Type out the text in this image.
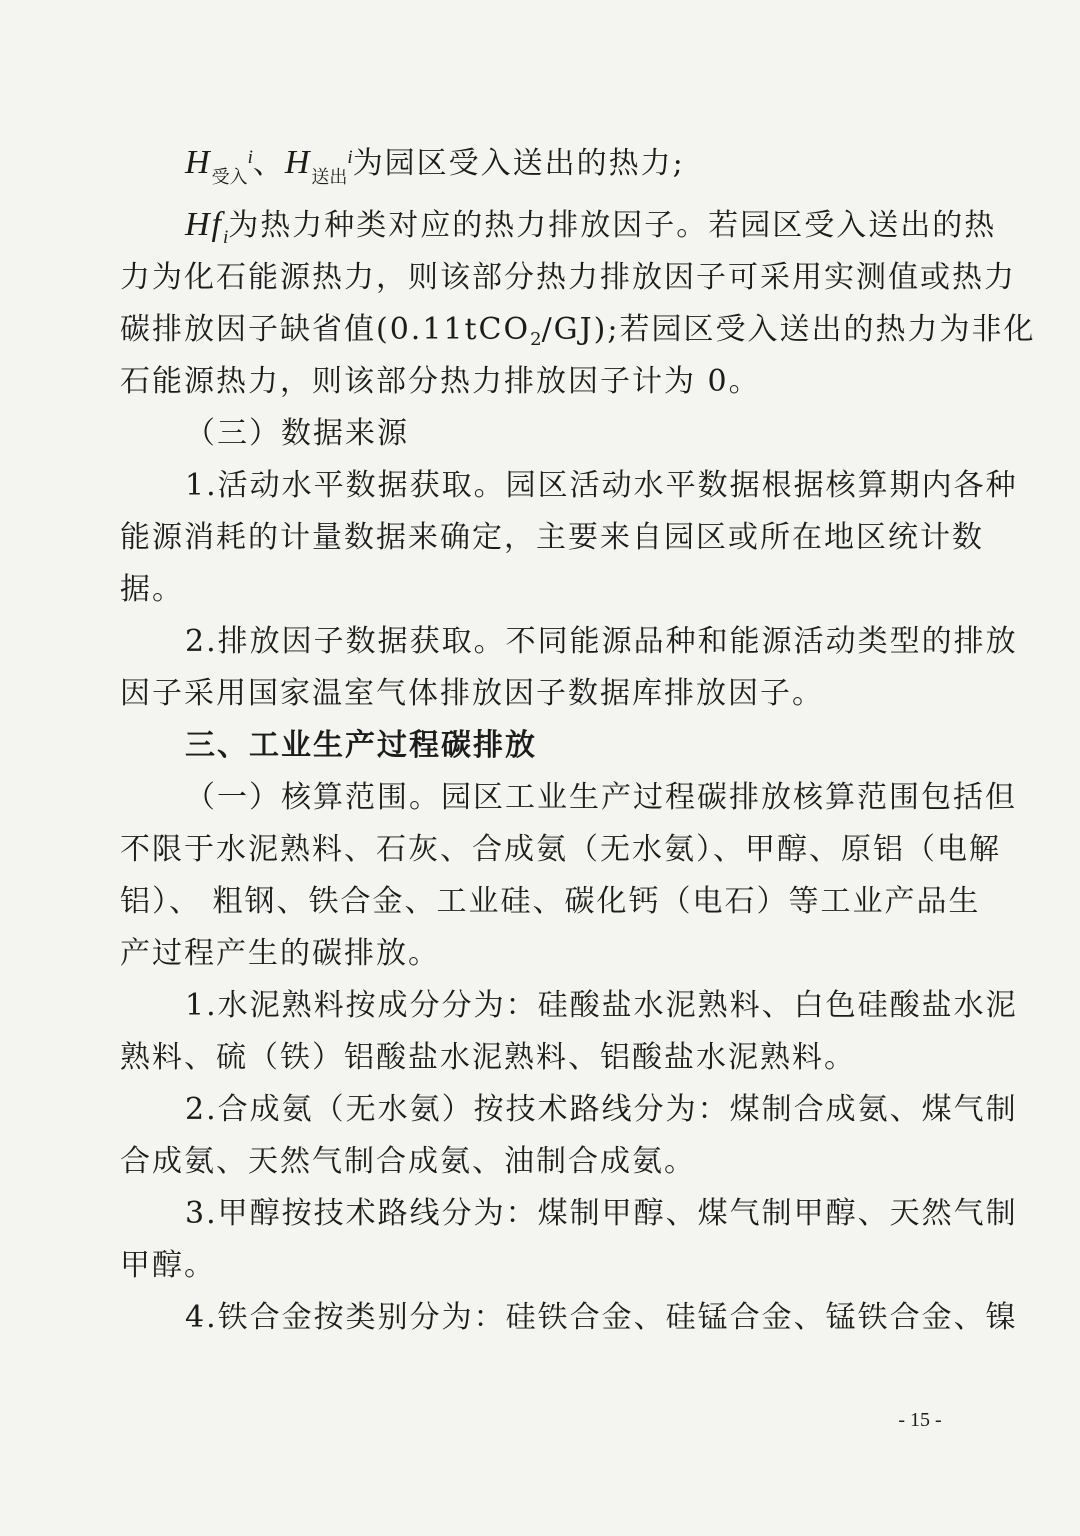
$H_{受入}^i$、$H_{送出}^i$为园区受入送出的热力;
$Hf_i$为热力种类对应的热力排放因子。若园区受入送出的热
力为化石能源热力，则该部分热力排放因子可采用实测值或热力
碳排放因子缺省值(0.11tCO$_2$/GJ);若园区受入送出的热力为非化
石能源热力，则该部分热力排放因子计为 0。
（三）数据来源
1.活动水平数据获取。园区活动水平数据根据核算期内各种
能源消耗的计量数据来确定，主要来自园区或所在地区统计数
据。
2.排放因子数据获取。不同能源品种和能源活动类型的排放
因子采用国家温室气体排放因子数据库排放因子。
三、工业生产过程碳排放
（一）核算范围。园区工业生产过程碳排放核算范围包括但
不限于水泥熟料、石灰、合成氨（无水氨）、甲醇、原铝（电解
铝）、 粗钢、铁合金、工业硅、碳化钙（电石）等工业产品生
产过程产生的碳排放。
1.水泥熟料按成分分为：硅酸盐水泥熟料、白色硅酸盐水泥
熟料、硫（铁）铝酸盐水泥熟料、铝酸盐水泥熟料。
2.合成氨（无水氨）按技术路线分为：煤制合成氨、煤气制
合成氨、天然气制合成氨、油制合成氨。
3.甲醇按技术路线分为：煤制甲醇、煤气制甲醇、天然气制
甲醇。
4.铁合金按类别分为：硅铁合金、硅锰合金、锰铁合金、镍
- 15 -
